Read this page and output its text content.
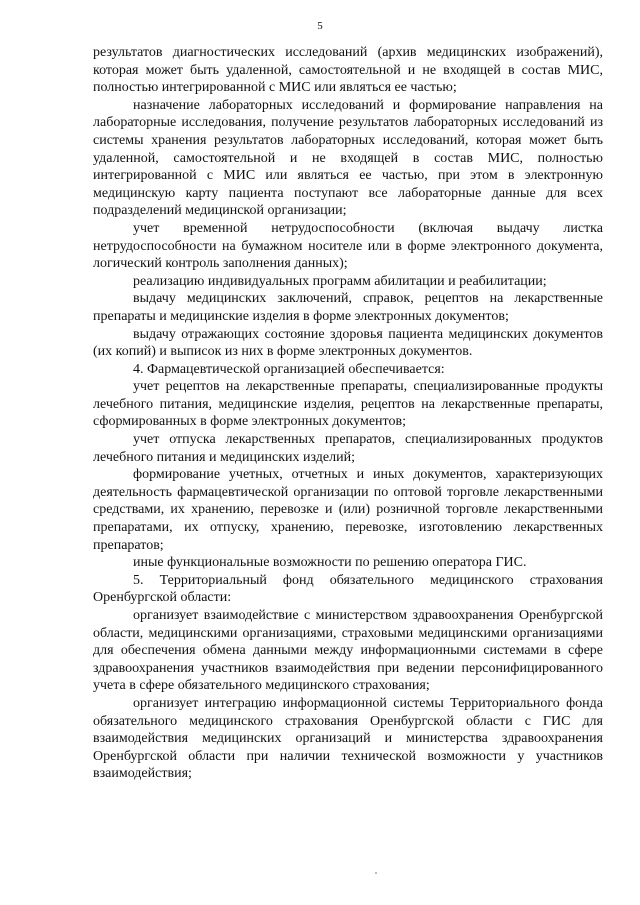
5

результатов диагностических исследований (архив медицинских изображений), которая может быть удаленной, самостоятельной и не входящей в состав МИС, полностью интегрированной с МИС или являться ее частью;

назначение лабораторных исследований и формирование направления на лабораторные исследования, получение результатов лабораторных исследований из системы хранения результатов лабораторных исследований, которая может быть удаленной, самостоятельной и не входящей в состав МИС, полностью интегрированной с МИС или являться ее частью, при этом в электронную медицинскую карту пациента поступают все лабораторные данные для всех подразделений медицинской организации;

учет временной нетрудоспособности (включая выдачу листка нетрудоспособности на бумажном носителе или в форме электронного документа, логический контроль заполнения данных);

реализацию индивидуальных программ абилитации и реабилитации;

выдачу медицинских заключений, справок, рецептов на лекарственные препараты и медицинские изделия в форме электронных документов;

выдачу отражающих состояние здоровья пациента медицинских документов (их копий) и выписок из них в форме электронных документов.

4. Фармацевтической организацией обеспечивается:

учет рецептов на лекарственные препараты, специализированные продукты лечебного питания, медицинские изделия, рецептов на лекарственные препараты, сформированных в форме электронных документов;

учет отпуска лекарственных препаратов, специализированных продуктов лечебного питания и медицинских изделий;

формирование учетных, отчетных и иных документов, характеризующих деятельность фармацевтической организации по оптовой торговле лекарственными средствами, их хранению, перевозке и (или) розничной торговле лекарственными препаратами, их отпуску, хранению, перевозке, изготовлению лекарственных препаратов;

иные функциональные возможности по решению оператора ГИС.

5. Территориальный фонд обязательного медицинского страхования Оренбургской области:

организует взаимодействие с министерством здравоохранения Оренбургской области, медицинскими организациями, страховыми медицинскими организациями для обеспечения обмена данными между информационными системами в сфере здравоохранения участников взаимодействия при ведении персонифицированного учета в сфере обязательного медицинского страхования;

организует интеграцию информационной системы Территориального фонда обязательного медицинского страхования Оренбургской области с ГИС для взаимодействия медицинских организаций и министерства здравоохранения Оренбургской области при наличии технической возможности у участников взаимодействия;
